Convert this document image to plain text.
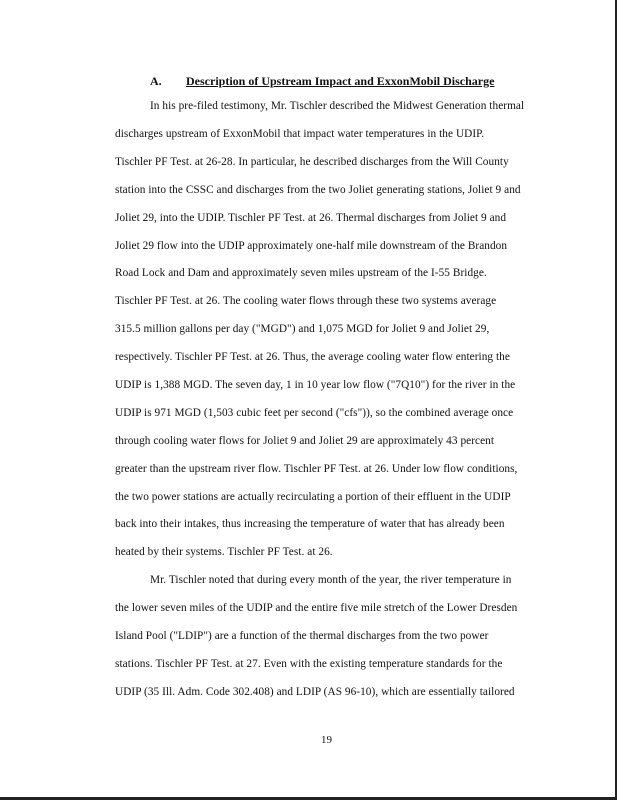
A. Description of Upstream Impact and ExxonMobil Discharge
In his pre-filed testimony, Mr. Tischler described the Midwest Generation thermal
discharges upstream of ExxonMobil that impact water temperatures in the UDIP.
Tischler PF Test. at 26-28. In particular, he described discharges from the Will County
station into the CSSC and discharges from the two Joliet generating stations, Joliet 9 and
Joliet 29, into the UDIP. Tischler PF Test. at 26. Thermal discharges from Joliet 9 and
Joliet 29 flow into the UDIP approximately one-half mile downstream of the Brandon
Road Lock and Dam and approximately seven miles upstream of the I-55 Bridge.
Tischler PF Test. at 26. The cooling water flows through these two systems average
315.5 million gallons per day ("MGD") and 1,075 MGD for Joliet 9 and Joliet 29,
respectively. Tischler PF Test. at 26. Thus, the average cooling water flow entering the
UDIP is 1,388 MGD. The seven day, 1 in 10 year low flow ("7Q10") for the river in the
UDIP is 971 MGD (1,503 cubic feet per second ("cfs")), so the combined average once
through cooling water flows for Joliet 9 and Joliet 29 are approximately 43 percent
greater than the upstream river flow. Tischler PF Test. at 26. Under low flow conditions,
the two power stations are actually recirculating a portion of their effluent in the UDIP
back into their intakes, thus increasing the temperature of water that has already been
heated by their systems. Tischler PF Test. at 26.
Mr. Tischler noted that during every month of the year, the river temperature in
the lower seven miles of the UDIP and the entire five mile stretch of the Lower Dresden
Island Pool ("LDIP") are a function of the thermal discharges from the two power
stations. Tischler PF Test. at 27. Even with the existing temperature standards for the
UDIP (35 Ill. Adm. Code 302.408) and LDIP (AS 96-10), which are essentially tailored
19
